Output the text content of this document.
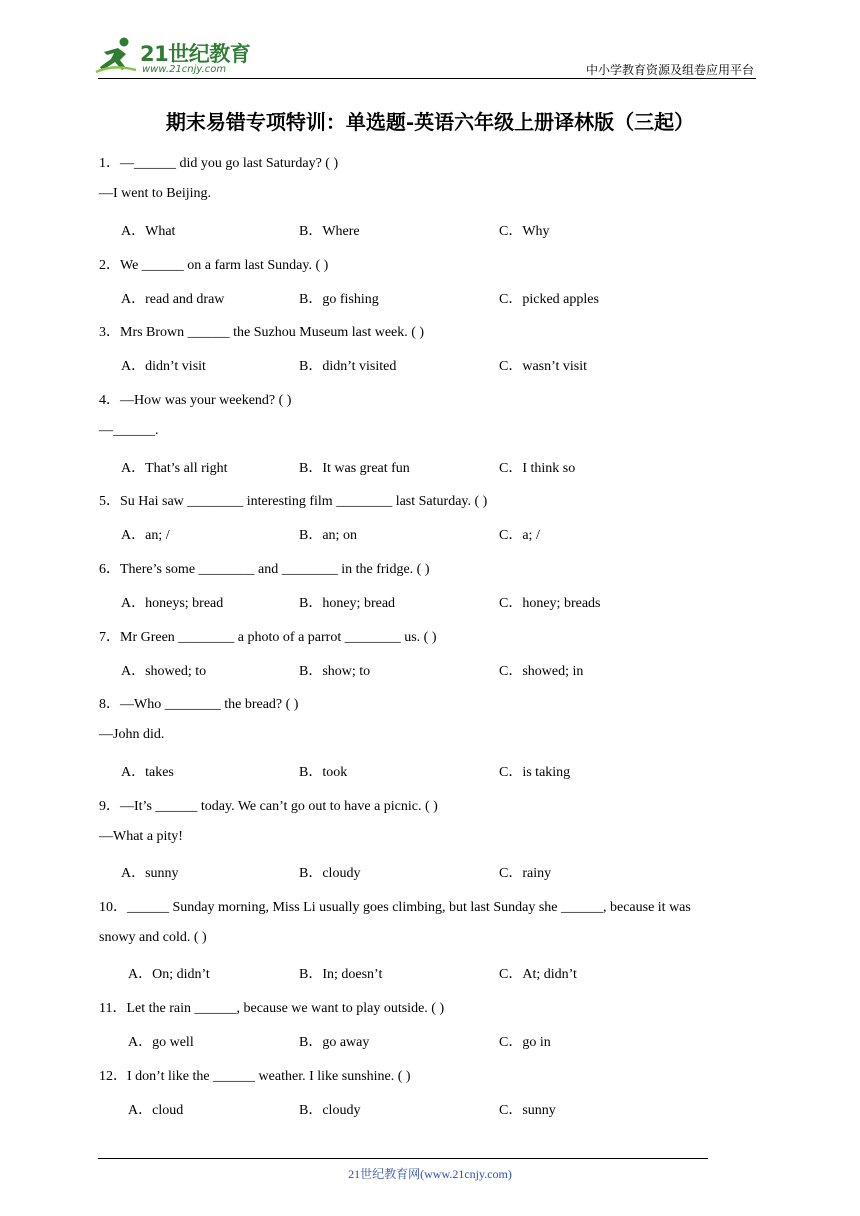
21世纪教育
www.21cnjy.com	中小学教育资源及组卷应用平台
期末易错专项特训：单选题-英语六年级上册译林版（三起）
1．—______ did you go last Saturday? ( )
—I went to Beijing.
A．What	B．Where	C．Why
2．We ______ on a farm last Sunday. ( )
A．read and draw	B．go fishing	C．picked apples
3．Mrs Brown ______ the Suzhou Museum last week. ( )
A．didn’t visit	B．didn’t visited	C．wasn’t visit
4．—How was your weekend? ( )
—______.
A．That’s all right	B．It was great fun	C．I think so
5．Su Hai saw ________ interesting film ________ last Saturday. ( )
A．an; /	B．an; on	C．a; /
6．There’s some ________ and ________ in the fridge. ( )
A．honeys; bread	B．honey; bread	C．honey; breads
7．Mr Green ________ a photo of a parrot ________ us. ( )
A．showed; to	B．show; to	C．showed; in
8．—Who ________ the bread? ( )
—John did.
A．takes	B．took	C．is taking
9．—It’s ______ today. We can’t go out to have a picnic. ( )
—What a pity!
A．sunny	B．cloudy	C．rainy
10．______ Sunday morning, Miss Li usually goes climbing, but last Sunday she ______, because it was
snowy and cold. ( )
A．On; didn’t	B．In; doesn’t	C．At; didn’t
11．Let the rain ______, because we want to play outside. ( )
A．go well	B．go away	C．go in
12．I don’t like the ______ weather. I like sunshine. ( )
A．cloud	B．cloudy	C．sunny
21世纪教育网(www.21cnjy.com)
